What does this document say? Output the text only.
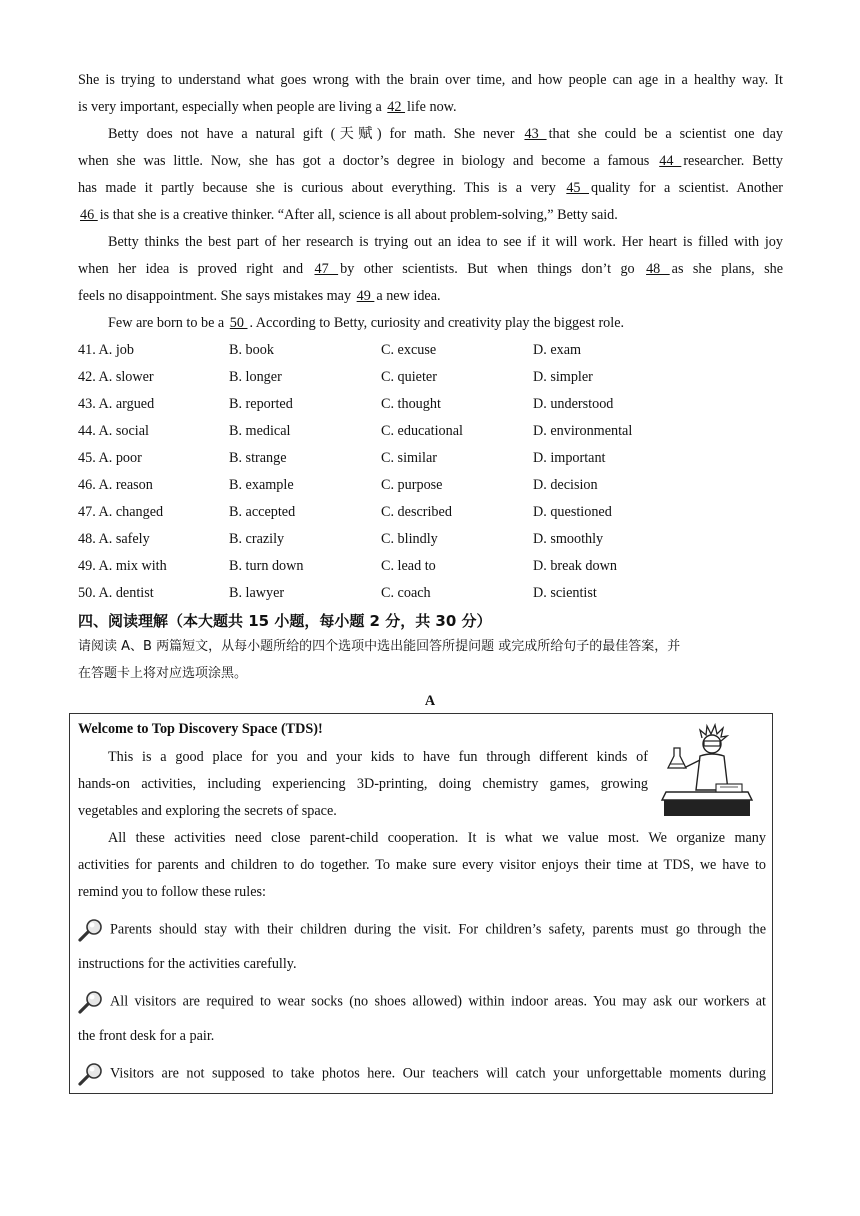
She is trying to understand what goes wrong with the brain over time, and how people can age in a healthy way. It
is very important, especially when people are living a 42 life now.
Betty does not have a natural gift (天赋) for math. She never 43 that she could be a scientist one day
when she was little. Now, she has got a doctor’s degree in biology and become a famous 44 researcher. Betty
has made it partly because she is curious about everything. This is a very 45 quality for a scientist. Another
46 is that she is a creative thinker. “After all, science is all about problem-solving,” Betty said.
Betty thinks the best part of her research is trying out an idea to see if it will work. Her heart is filled with joy
when her idea is proved right and 47 by other scientists. But when things don’t go 48 as she plans, she
feels no disappointment. She says mistakes may 49 a new idea.
Few are born to be a 50 . According to Betty, curiosity and creativity play the biggest role.
41. A. job	B. book	C. excuse	D. exam
42. A. slower	B. longer	C. quieter	D. simpler
43. A. argued	B. reported	C. thought	D. understood
44. A. social	B. medical	C. educational	D. environmental
45. A. poor	B. strange	C. similar	D. important
46. A. reason	B. example	C. purpose	D. decision
47. A. changed	B. accepted	C. described	D. questioned
48. A. safely	B. crazily	C. blindly	D. smoothly
49. A. mix with	B. turn down	C. lead to	D. break down
50. A. dentist	B. lawyer	C. coach	D. scientist
四、阅读理解（本大题共 15 小题，每小题 2 分，共 30 分）
请阅读 A、B 两篇短文，从每小题所给的四个选项中选出能回答所提问题 或完成所给句子的最佳答案，并
在答题卡上将对应选项涂黑。
A
Welcome to Top Discovery Space (TDS)!
This is a good place for you and your kids to have fun through different kinds of
hands-on activities, including experiencing 3D-printing, doing chemistry games, growing
vegetables and exploring the secrets of space.
All these activities need close parent-child cooperation. It is what we value most. We organize many
activities for parents and children to do together. To make sure every visitor enjoys their time at TDS, we have to
remind you to follow these rules:
Parents should stay with their children during the visit. For children’s safety, parents must go through the
instructions for the activities carefully.
All visitors are required to wear socks (no shoes allowed) within indoor areas. You may ask our workers at
the front desk for a pair.
Visitors are not supposed to take photos here. Our teachers will catch your unforgettable moments during
